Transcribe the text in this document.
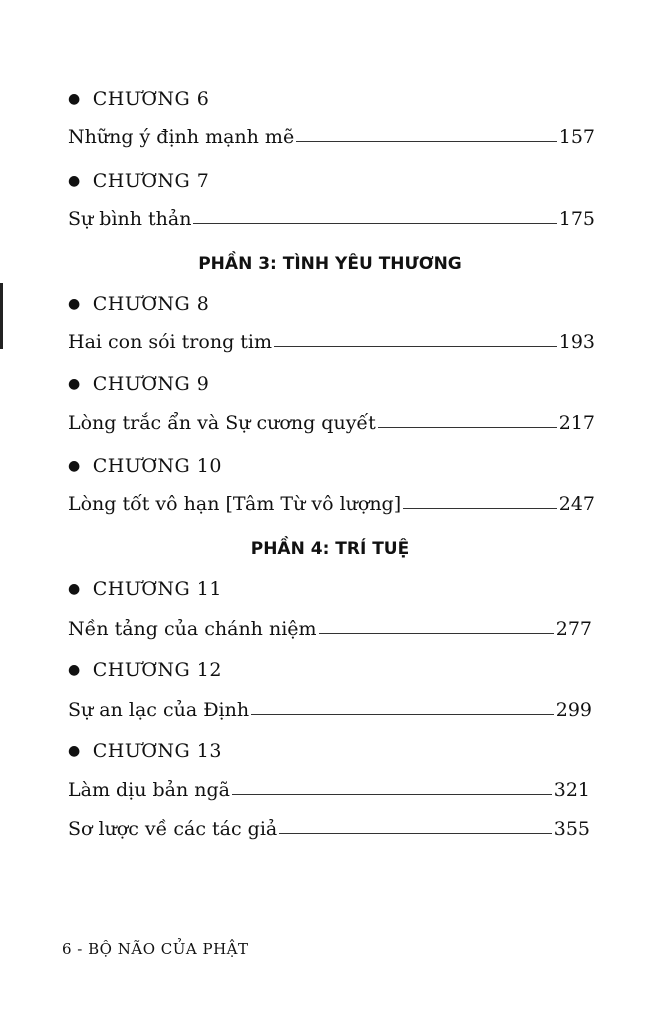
● CHƯƠNG 6
Những ý định mạnh mẽ	157
● CHƯƠNG 7
Sự bình thản	175
PHẦN 3: TÌNH YÊU THƯƠNG
● CHƯƠNG 8
Hai con sói trong tim	193
● CHƯƠNG 9
Lòng trắc ẩn và Sự cương quyết	217
● CHƯƠNG 10
Lòng tốt vô hạn [Tâm Từ vô lượng]	247
PHẦN 4: TRÍ TUỆ
● CHƯƠNG 11
Nền tảng của chánh niệm	277
● CHƯƠNG 12
Sự an lạc của Định	299
● CHƯƠNG 13
Làm dịu bản ngã	321
Sơ lược về các tác giả	355
6 - BỘ NÃO CỦA PHẬT
